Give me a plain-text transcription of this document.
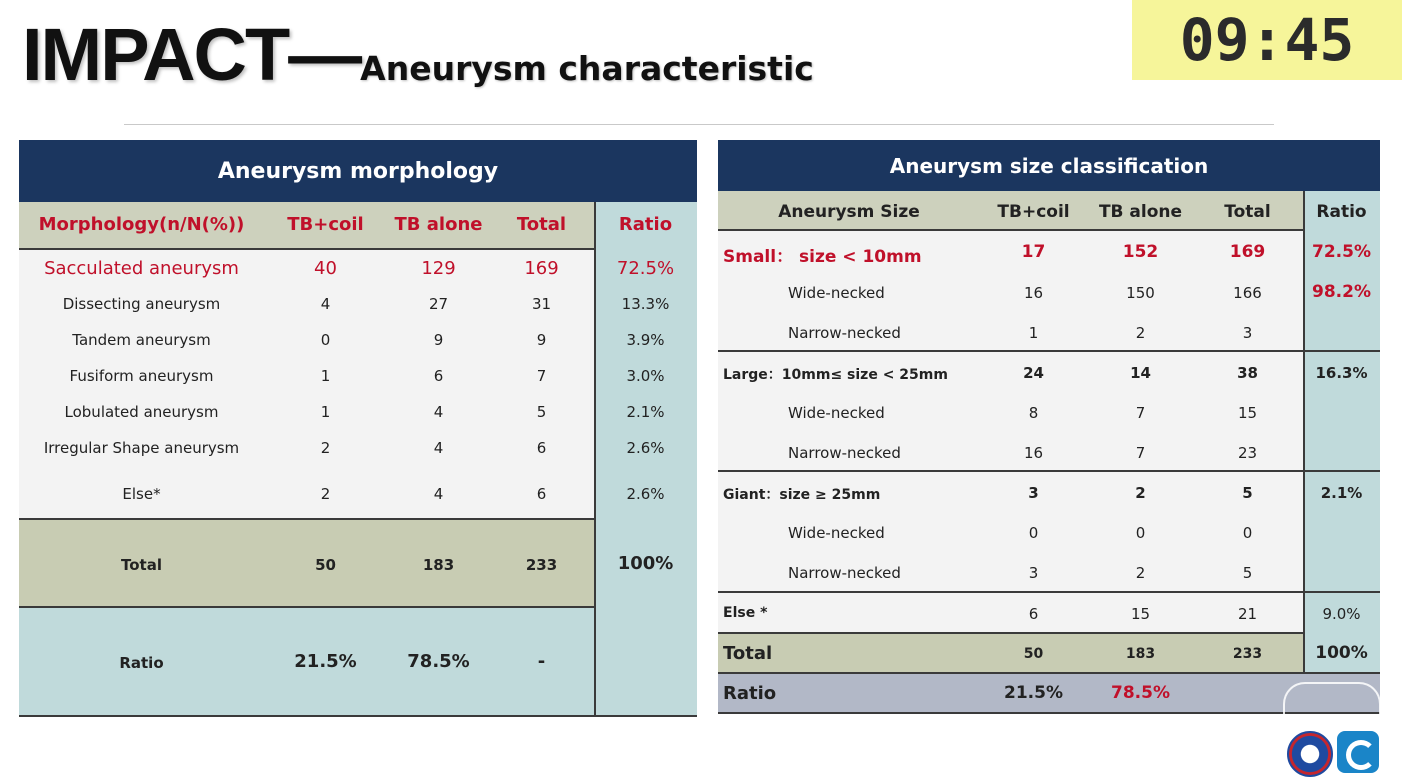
IMPACT—Aneurysm characteristic	09:45
Aneurysm morphology
Morphology(n/N(%))	TB+coil	TB alone	Total	Ratio
Sacculated aneurysm	40	129	169	72.5%
Dissecting aneurysm	4	27	31	13.3%
Tandem aneurysm	0	9	9	3.9%
Fusiform aneurysm	1	6	7	3.0%
Lobulated aneurysm	1	4	5	2.1%
Irregular Shape aneurysm	2	4	6	2.6%
Else*	2	4	6	2.6%
Total	50	183	233	100%
Ratio	21.5%	78.5%	-
Aneurysm size classification
Aneurysm Size	TB+coil	TB alone	Total	Ratio
Small： size < 10mm	17	152	169	72.5%
Wide-necked	16	150	166	98.2%
Narrow-necked	1	2	3
Large：10mm≤ size < 25mm	24	14	38	16.3%
Wide-necked	8	7	15
Narrow-necked	16	7	23
Giant：size ≥ 25mm	3	2	5	2.1%
Wide-necked	0	0	0
Narrow-necked	3	2	5
Else *	6	15	21	9.0%
Total	50	183	233	100%
Ratio	21.5%	78.5%
